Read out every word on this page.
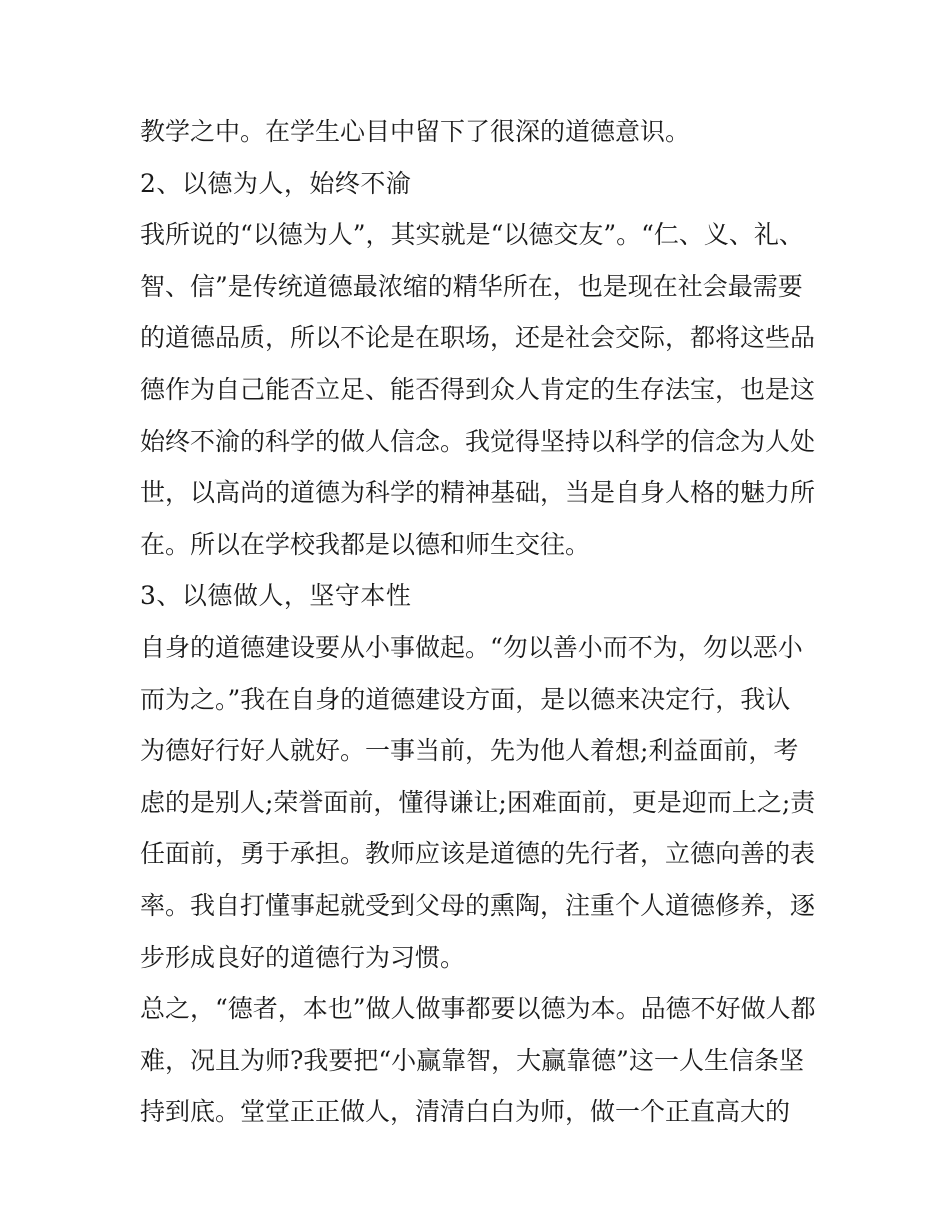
教学之中。在学生心目中留下了很深的道德意识。
2、以德为人，始终不渝
我所说的“以德为人”，其实就是“以德交友”。“仁、义、礼、
智、信”是传统道德最浓缩的精华所在，也是现在社会最需要
的道德品质，所以不论是在职场，还是社会交际，都将这些品
德作为自己能否立足、能否得到众人肯定的生存法宝，也是这
始终不渝的科学的做人信念。我觉得坚持以科学的信念为人处
世，以高尚的道德为科学的精神基础，当是自身人格的魅力所
在。所以在学校我都是以德和师生交往。
3、以德做人，坚守本性
自身的道德建设要从小事做起。“勿以善小而不为，勿以恶小
而为之。”我在自身的道德建设方面，是以德来决定行，我认
为德好行好人就好。一事当前，先为他人着想;利益面前，考
虑的是别人;荣誉面前，懂得谦让;困难面前，更是迎而上之;责
任面前，勇于承担。教师应该是道德的先行者，立德向善的表
率。我自打懂事起就受到父母的熏陶，注重个人道德修养，逐
步形成良好的道德行为习惯。
总之，“德者，本也”做人做事都要以德为本。品德不好做人都
难，况且为师?我要把“小赢靠智，大赢靠德”这一人生信条坚
持到底。堂堂正正做人，清清白白为师，做一个正直高大的
